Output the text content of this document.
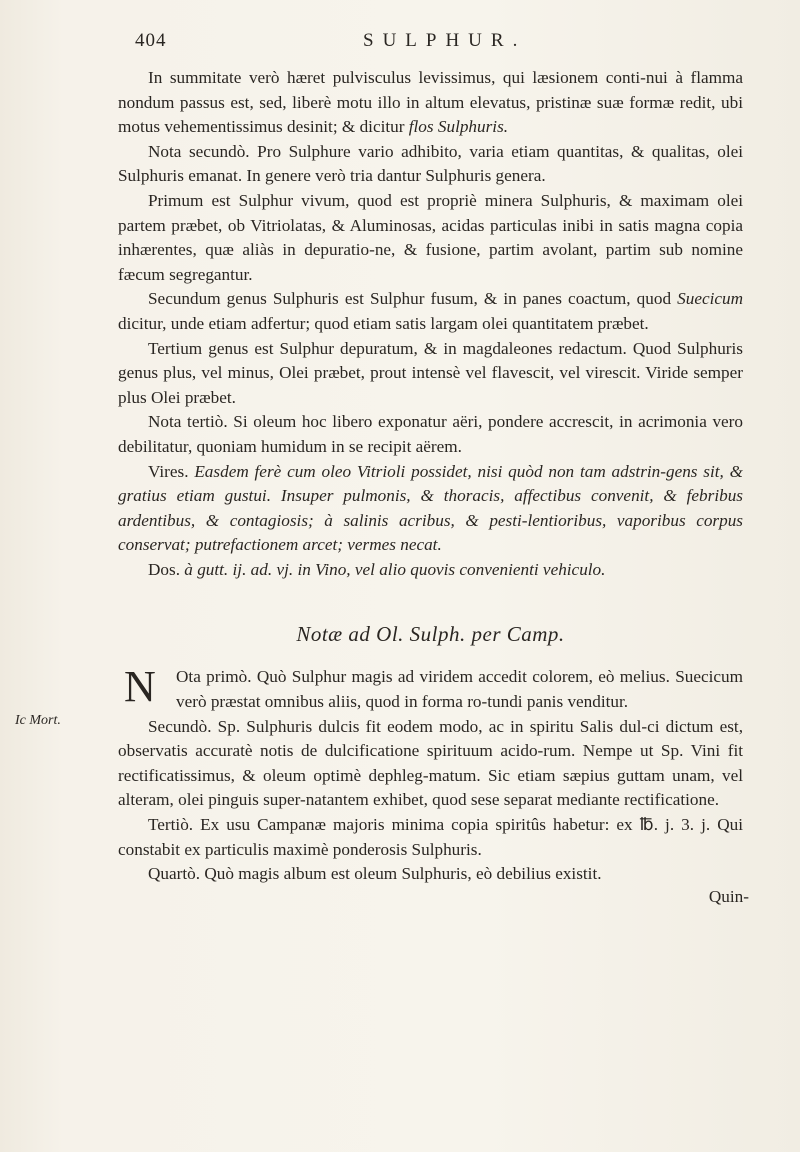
404	SULPHUR.
Ic Mort.

In summitate verò hæret pulvisculus levissimus, qui læsionem conti-nui à flamma nondum passus est, sed, liberè motu illo in altum elevatus, pristinæ suæ formæ redit, ubi motus vehementissimus desinit; & dicitur flos Sulphuris.

Nota secundò. Pro Sulphure vario adhibito, varia etiam quantitas, & qualitas, olei Sulphuris emanat. In genere verò tria dantur Sulphuris genera.

Primum est Sulphur vivum, quod est propriè minera Sulphuris, & maximam olei partem præbet, ob Vitriolatas, & Aluminosas, acidas particulas inibi in satis magna copia inhærentes, quæ aliàs in depuratio-ne, & fusione, partim avolant, partim sub nomine fæcum segregantur.

Secundum genus Sulphuris est Sulphur fusum, & in panes coactum, quod Suecicum dicitur, unde etiam adfertur; quod etiam satis largam olei quantitatem præbet.

Tertium genus est Sulphur depuratum, & in magdaleones redactum. Quod Sulphuris genus plus, vel minus, Olei præbet, prout intensè vel flavescit, vel virescit. Viride semper plus Olei præbet.

Nota tertiò. Si oleum hoc libero exponatur aëri, pondere accrescit, in acrimonia vero debilitatur, quoniam humidum in se recipit aërem.

Vires. Easdem ferè cum oleo Vitrioli possidet, nisi quòd non tam adstrin-gens sit, & gratius etiam gustui. Insuper pulmonis, & thoracis, affectibus convenit, & febribus ardentibus, & contagiosis; à salinis acribus, & pesti-lentioribus, vaporibus corpus conservat; putrefactionem arcet; vermes necat.

Dos. à gutt. ij. ad. vj. in Vino, vel alio quovis convenienti vehiculo.

Notæ ad Ol. Sulph. per Camp.
N Ota primò. Quò Sulphur magis ad viridem accedit colorem, eò melius. Suecicum verò præstat omnibus aliis, quod in forma ro-tundi panis venditur.

Secundò. Sp. Sulphuris dulcis fit eodem modo, ac in spiritu Salis dul-ci dictum est, observatis accuratè notis de dulcificatione spirituum acido-rum. Nempe ut Sp. Vini fit rectificatissimus, & oleum optimè dephleg-matum. Sic etiam sæpius guttam unam, vel alteram, olei pinguis super-natantem exhibet, quod sese separat mediante rectificatione.

Tertiò. Ex usu Campanæ majoris minima copia spiritûs habetur: ex ℔. j. 3. j. Qui constabit ex particulis maximè ponderosis Sulphuris.

Quartò. Quò magis album est oleum Sulphuris, eò debilius existit.

Quin-
